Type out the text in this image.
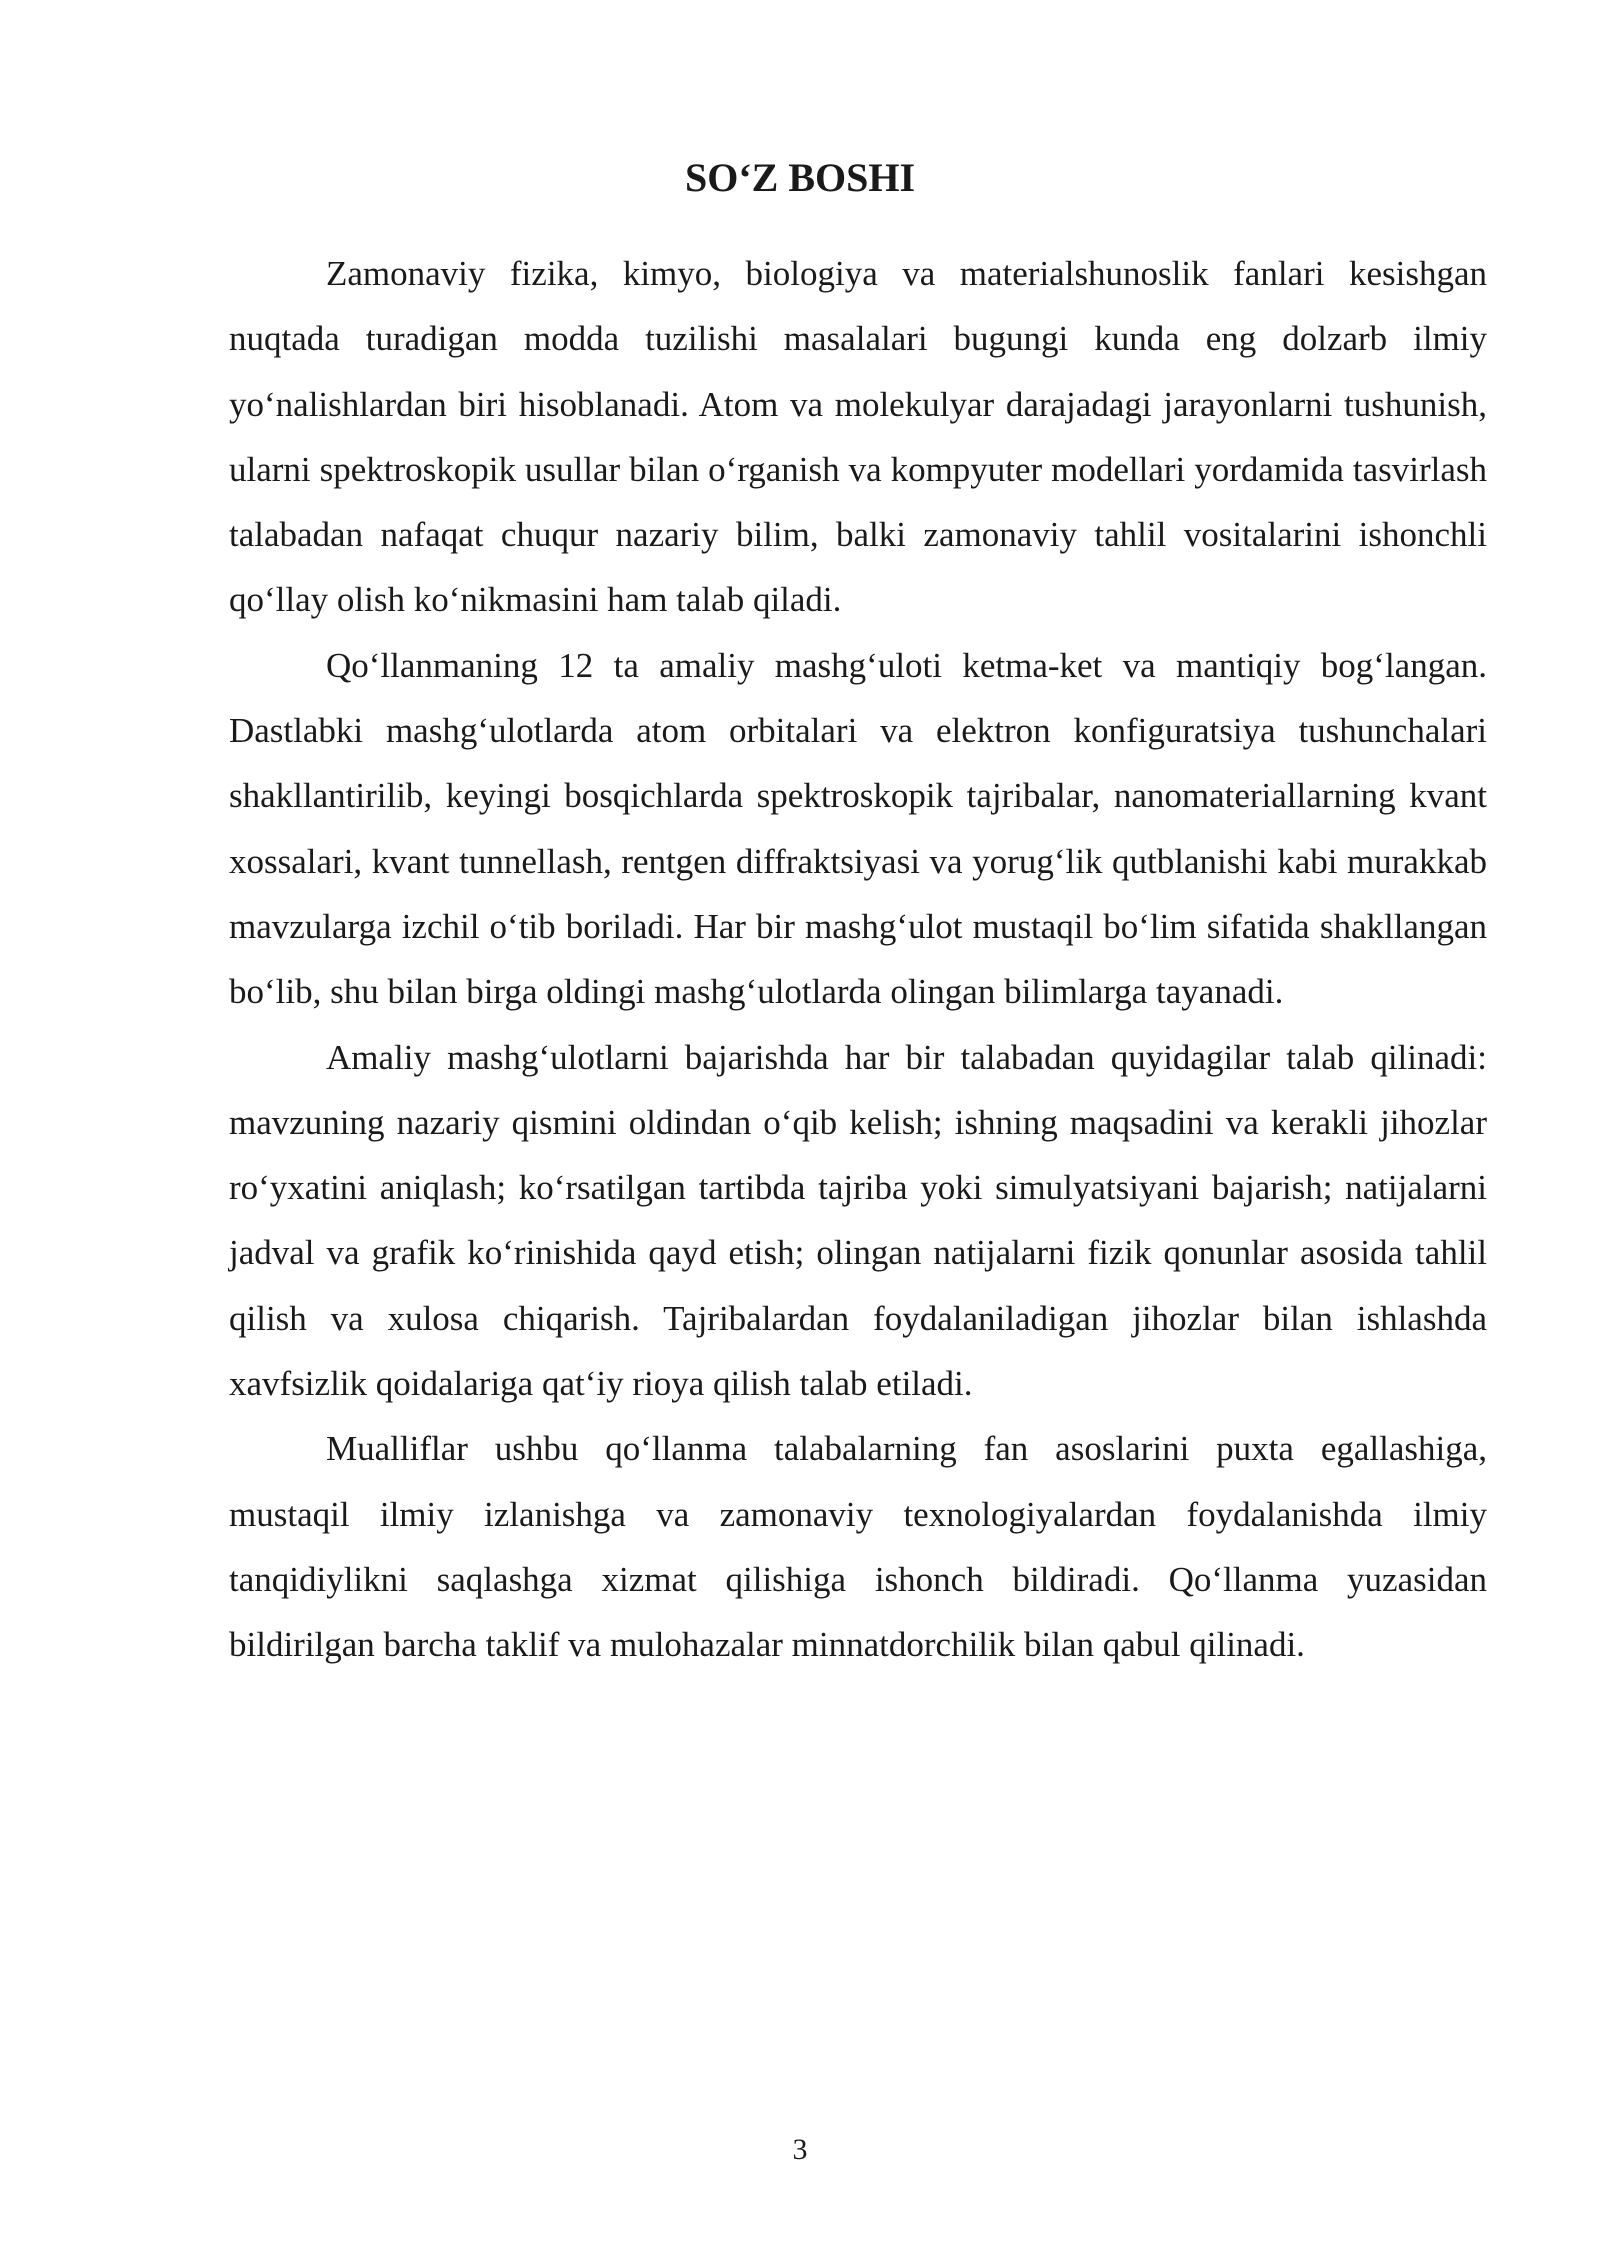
SO‘Z BOSHI

Zamonaviy fizika, kimyo, biologiya va materialshunoslik fanlari kesishgan nuqtada turadigan modda tuzilishi masalalari bugungi kunda eng dolzarb ilmiy yo‘nalishlardan biri hisoblanadi. Atom va molekulyar darajadagi jarayonlarni tushunish, ularni spektroskopik usullar bilan o‘rganish va kompyuter modellari yordamida tasvirlash talabadan nafaqat chuqur nazariy bilim, balki zamonaviy tahlil vositalarini ishonchli qo‘llay olish ko‘nikmasini ham talab qiladi.

Qo‘llanmaning 12 ta amaliy mashg‘uloti ketma-ket va mantiqiy bog‘langan. Dastlabki mashg‘ulotlarda atom orbitalari va elektron konfiguratsiya tushunchalari shakllantirilib, keyingi bosqichlarda spektroskopik tajribalar, nanomateriallarning kvant xossalari, kvant tunnellash, rentgen diffraktsiyasi va yorug‘lik qutblanishi kabi murakkab mavzularga izchil o‘tib boriladi. Har bir mashg‘ulot mustaqil bo‘lim sifatida shakllangan bo‘lib, shu bilan birga oldingi mashg‘ulotlarda olingan bilimlarga tayanadi.

Amaliy mashg‘ulotlarni bajarishda har bir talabadan quyidagilar talab qilinadi: mavzuning nazariy qismini oldindan o‘qib kelish; ishning maqsadini va kerakli jihozlar ro‘yxatini aniqlash; ko‘rsatilgan tartibda tajriba yoki simulyatsiyani bajarish; natijalarni jadval va grafik ko‘rinishida qayd etish; olingan natijalarni fizik qonunlar asosida tahlil qilish va xulosa chiqarish. Tajribalardan foydalaniladigan jihozlar bilan ishlashda xavfsizlik qoidalariga qat‘iy rioya qilish talab etiladi.

Mualliflar ushbu qo‘llanma talabalarning fan asoslarini puxta egallashiga, mustaqil ilmiy izlanishga va zamonaviy texnologiyalardan foydalanishda ilmiy tanqidiylikni saqlashga xizmat qilishiga ishonch bildiradi. Qo‘llanma yuzasidan bildirilgan barcha taklif va mulohazalar minnatdorchilik bilan qabul qilinadi.

3
